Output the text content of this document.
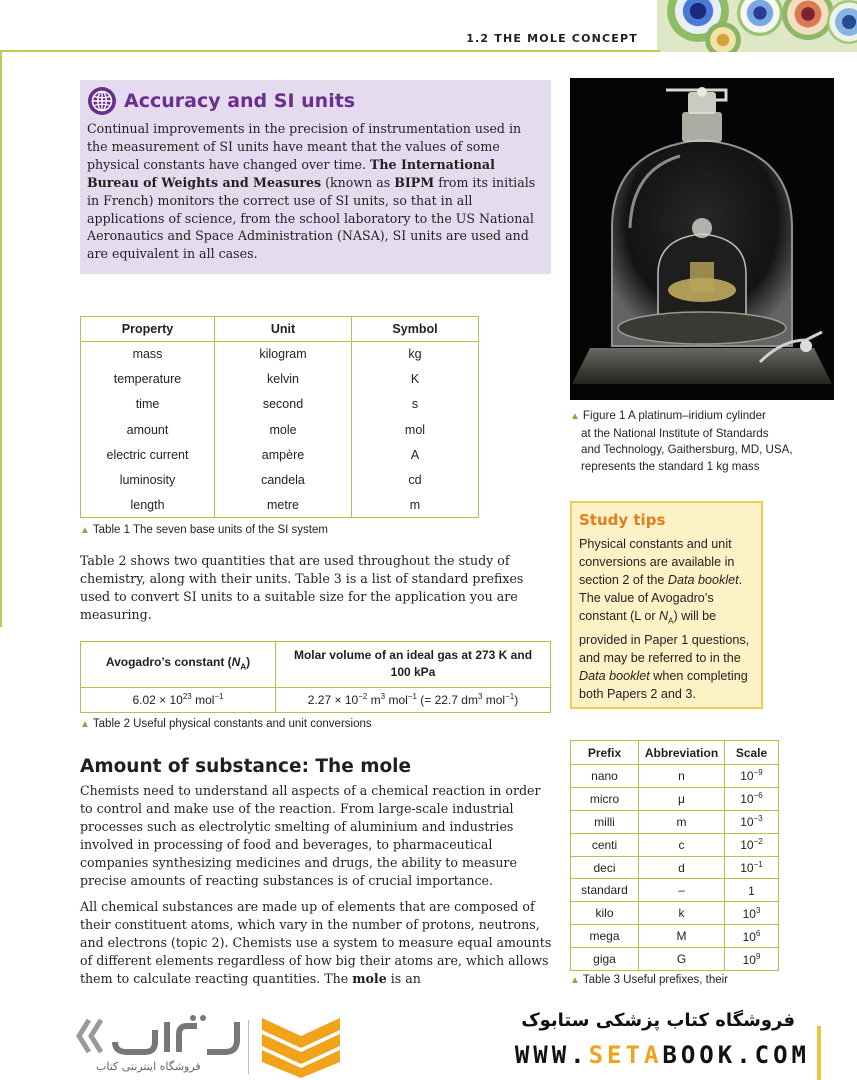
1.2 THE MOLE CONCEPT
Accuracy and SI units
Continual improvements in the precision of instrumentation used in the measurement of SI units have meant that the values of some physical constants have changed over time. The International Bureau of Weights and Measures (known as BIPM from its initials in French) monitors the correct use of SI units, so that in all applications of science, from the school laboratory to the US National Aeronautics and Space Administration (NASA), SI units are used and are equivalent in all cases.
▲ Figure 1 A platinum–iridium cylinder
at the National Institute of Standards
and Technology, Gaithersburg, MD, USA,
represents the standard 1 kg mass
Property	Unit	Symbol
mass	kilogram	kg
temperature	kelvin	K
time	second	s
amount	mole	mol
electric current	ampère	A
luminosity	candela	cd
length	metre	m
▲ Table 1 The seven base units of the SI system
Table 2 shows two quantities that are used throughout the study of chemistry, along with their units. Table 3 is a list of standard prefixes used to convert SI units to a suitable size for the application you are measuring.
Avogadro’s constant $(N_A)$	Molar volume of an ideal gas at 273 K and 100 kPa
$6.02 \times 10^{23}$ mol$^{-1}$	$2.27 \times 10^{-2}$ $m^3$ mol$^{-1}$ (= 22.7 $dm^3$ mol$^{-1}$)
▲ Table 2 Useful physical constants and unit conversions
Amount of substance: The mole
Chemists need to understand all aspects of a chemical reaction in order to control and make use of the reaction. From large-scale industrial processes such as electrolytic smelting of aluminium and industries involved in processing of food and beverages, to pharmaceutical companies synthesizing medicines and drugs, the ability to measure precise amounts of reacting substances is of crucial importance.
All chemical substances are made up of elements that are composed of their constituent atoms, which vary in the number of protons, neutrons, and electrons (topic 2). Chemists use a system to measure equal amounts of different elements regardless of how big their atoms are, which allows them to calculate reacting quantities. The mole is an
Study tips
Physical constants and unit conversions are available in section 2 of the Data booklet. The value of Avogadro’s constant (L or $N_A$) will be provided in Paper 1 questions, and may be referred to in the Data booklet when completing both Papers 2 and 3.
Prefix	Abbreviation	Scale
nano	n	$10^{-9}$
micro	μ	$10^{-6}$
milli	m	$10^{-3}$
centi	c	$10^{-2}$
deci	d	$10^{-1}$
standard	–	1
kilo	k	$10^3$
mega	M	$10^6$
giga	G	$10^9$
▲ Table 3 Useful prefixes, their
فروشگاه اینترنتی کتاب
فروشگاه کتاب پزشکی ستابوک
WWW.SETABOOK.COM
